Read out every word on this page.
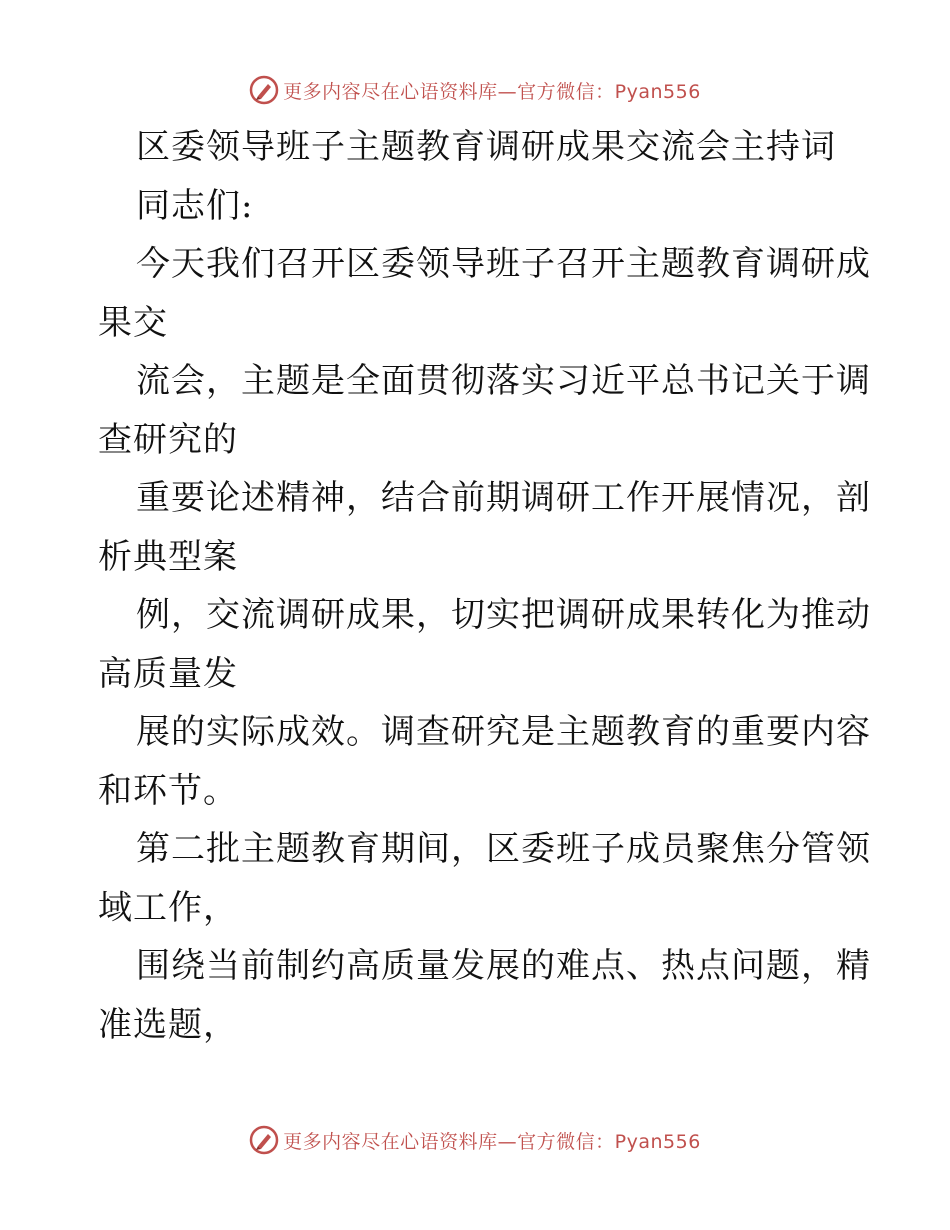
更多内容尽在心语资料库—官方微信：Pyan556
区委领导班子主题教育调研成果交流会主持词
同志们:
今天我们召开区委领导班子召开主题教育调研成
果交
流会，主题是全面贯彻落实习近平总书记关于调
查研究的
重要论述精神，结合前期调研工作开展情况，剖
析典型案
例，交流调研成果，切实把调研成果转化为推动
高质量发
展的实际成效。调查研究是主题教育的重要内容
和环节。
第二批主题教育期间，区委班子成员聚焦分管领
域工作，
围绕当前制约高质量发展的难点、热点问题，精
准选题，
更多内容尽在心语资料库—官方微信：Pyan556
